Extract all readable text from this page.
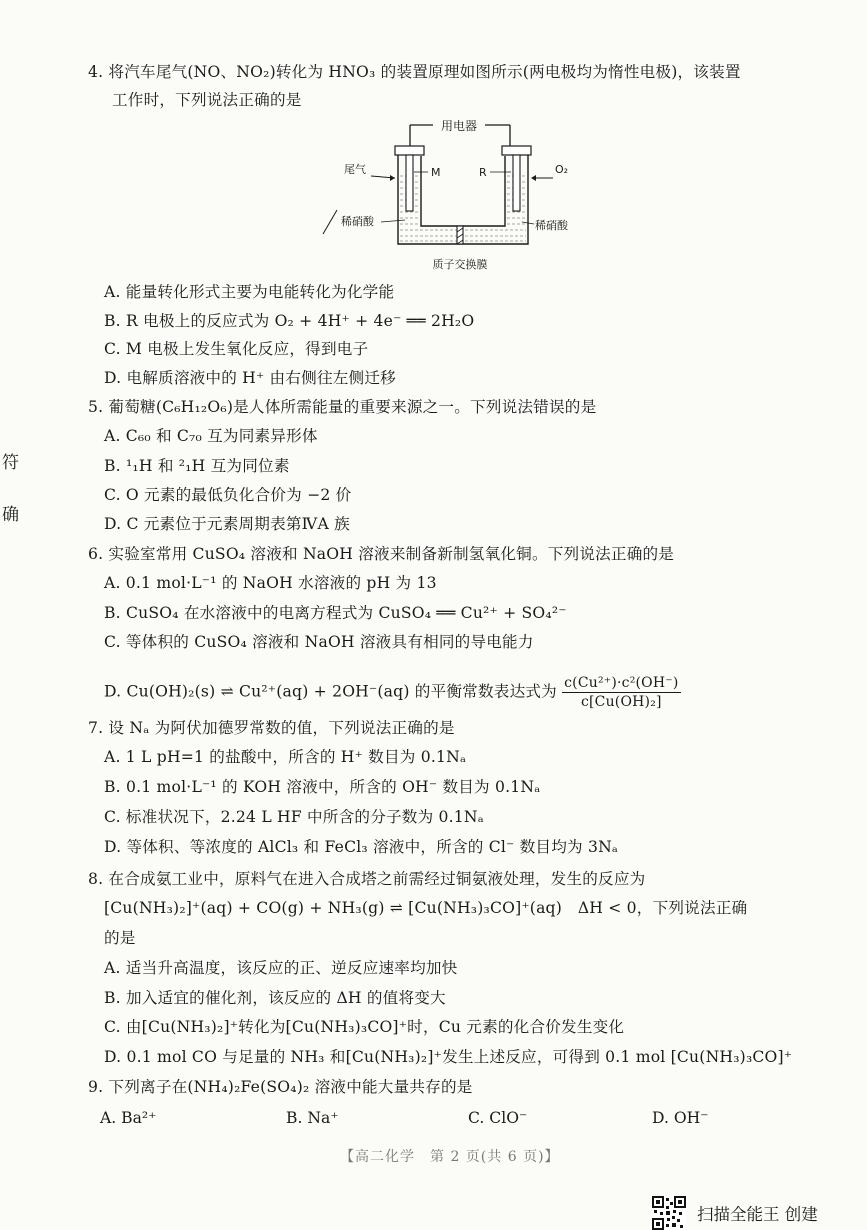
符
确
4. 将汽车尾气(NO、NO₂)转化为 HNO₃ 的装置原理如图所示(两电极均为惰性电极)，该装置
工作时，下列说法正确的是
用电器
尾气	M	R	O₂
稀硝酸	稀硝酸
质子交换膜
A. 能量转化形式主要为电能转化为化学能
B. R 电极上的反应式为 O₂ + 4H⁺ + 4e⁻ ══ 2H₂O
C. M 电极上发生氧化反应，得到电子
D. 电解质溶液中的 H⁺ 由右侧往左侧迁移
5. 葡萄糖(C₆H₁₂O₆)是人体所需能量的重要来源之一。下列说法错误的是
A. C₆₀ 和 C₇₀ 互为同素异形体
B. ¹₁H 和 ²₁H 互为同位素
C. O 元素的最低负化合价为 −2 价
D. C 元素位于元素周期表第ⅣA 族
6. 实验室常用 CuSO₄ 溶液和 NaOH 溶液来制备新制氢氧化铜。下列说法正确的是
A. 0.1 mol·L⁻¹ 的 NaOH 水溶液的 pH 为 13
B. CuSO₄ 在水溶液中的电离方程式为 CuSO₄ ══ Cu²⁺ + SO₄²⁻
C. 等体积的 CuSO₄ 溶液和 NaOH 溶液具有相同的导电能力
D. Cu(OH)₂(s) ⇌ Cu²⁺(aq) + 2OH⁻(aq) 的平衡常数表达式为 $\frac{\text{c(Cu²⁺)·c²(OH⁻)}}{\text{c[Cu(OH)₂]}}$
7. 设 Nₐ 为阿伏加德罗常数的值，下列说法正确的是
A. 1 L pH=1 的盐酸中，所含的 H⁺ 数目为 0.1Nₐ
B. 0.1 mol·L⁻¹ 的 KOH 溶液中，所含的 OH⁻ 数目为 0.1Nₐ
C. 标准状况下，2.24 L HF 中所含的分子数为 0.1Nₐ
D. 等体积、等浓度的 AlCl₃ 和 FeCl₃ 溶液中，所含的 Cl⁻ 数目均为 3Nₐ
8. 在合成氨工业中，原料气在进入合成塔之前需经过铜氨液处理，发生的反应为
[Cu(NH₃)₂]⁺(aq) + CO(g) + NH₃(g) ⇌ [Cu(NH₃)₃CO]⁺(aq)　ΔH < 0，下列说法正确
的是
A. 适当升高温度，该反应的正、逆反应速率均加快
B. 加入适宜的催化剂，该反应的 ΔH 的值将变大
C. 由[Cu(NH₃)₂]⁺转化为[Cu(NH₃)₃CO]⁺时，Cu 元素的化合价发生变化
D. 0.1 mol CO 与足量的 NH₃ 和[Cu(NH₃)₂]⁺发生上述反应，可得到 0.1 mol [Cu(NH₃)₃CO]⁺
9. 下列离子在(NH₄)₂Fe(SO₄)₂ 溶液中能大量共存的是
A. Ba²⁺	B. Na⁺	C. ClO⁻	D. OH⁻
【高二化学　第 2 页(共 6 页)】
扫描全能王 创建
